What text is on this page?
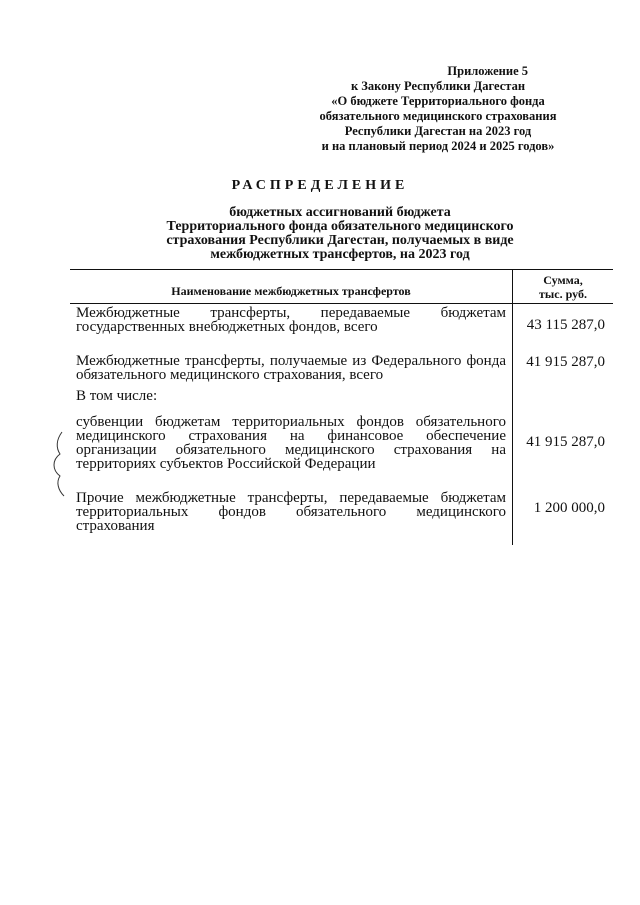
Приложение 5
к Закону Республики Дагестан
«О бюджете Территориального фонда
обязательного медицинского страхования
Республики Дагестан на 2023 год
и на плановый период 2024 и 2025 годов»
РАСПРЕДЕЛЕНИЕ
бюджетных ассигнований бюджета
Территориального фонда обязательного медицинского
страхования Республики Дагестан, получаемых в виде
межбюджетных трансфертов, на 2023 год
Наименование межбюджетных трансфертов	Сумма,
тыс. руб.

Межбюджетные трансферты, передаваемые бюджетам государственных внебюджетных фондов, всего	43 115 287,0
Межбюджетные трансферты, получаемые из Федерального фонда обязательного медицинского страхования, всего	41 915 287,0
В том числе:	
субвенции бюджетам территориальных фондов обязательного медицинского страхования на финансовое обеспечение организации обязательного медицинского страхования на территориях субъектов Российской Федерации	41 915 287,0
Прочие межбюджетные трансферты, передаваемые бюджетам территориальных фондов обязательного медицинского страхования	1 200 000,0
